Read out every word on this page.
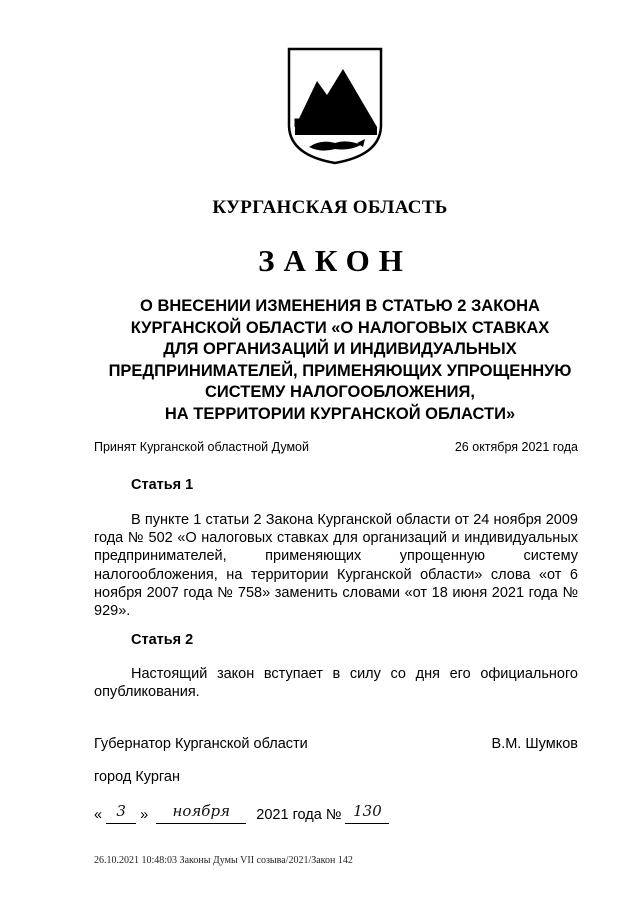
КУРГАНСКАЯ ОБЛАСТЬ
ЗАКОН
О ВНЕСЕНИИ ИЗМЕНЕНИЯ В СТАТЬЮ 2 ЗАКОНА
КУРГАНСКОЙ ОБЛАСТИ «О НАЛОГОВЫХ СТАВКАХ
ДЛЯ ОРГАНИЗАЦИЙ И ИНДИВИДУАЛЬНЫХ
ПРЕДПРИНИМАТЕЛЕЙ, ПРИМЕНЯЮЩИХ УПРОЩЕННУЮ
СИСТЕМУ НАЛОГООБЛОЖЕНИЯ,
НА ТЕРРИТОРИИ КУРГАНСКОЙ ОБЛАСТИ»
Принят Курганской областной Думой	26 октября 2021 года
Статья 1
В пункте 1 статьи 2 Закона Курганской области от 24 ноября 2009 года № 502 «О налоговых ставках для организаций и индивидуальных предпринимателей, применяющих упрощенную систему налогообложения, на территории Курганской области» слова «от 6 ноября 2007 года № 758» заменить словами «от 18 июня 2021 года № 929».
Статья 2
Настоящий закон вступает в силу со дня его официального опубликования.
Губернатор Курганской области	В.М. Шумков
город Курган
« 3 » ноября 2021 года № 130
26.10.2021 10:48:03 Законы Думы VII созыва/2021/Закон 142
